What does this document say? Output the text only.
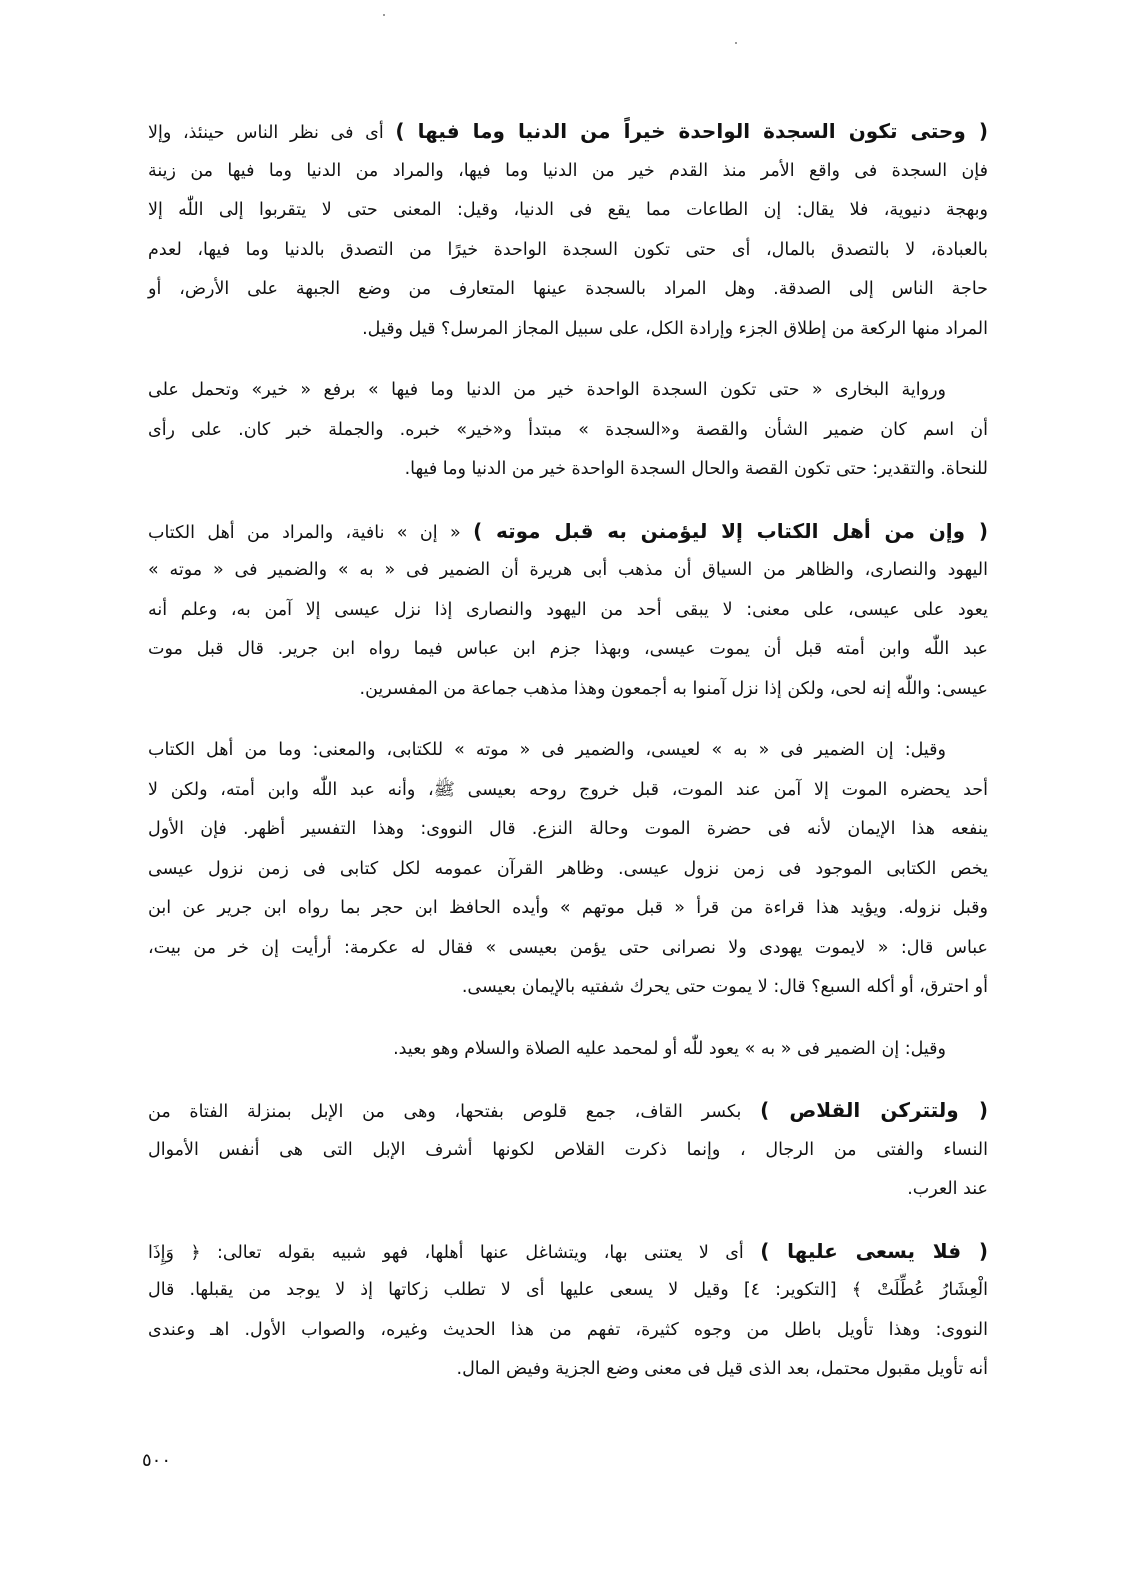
( وحتى تكون السجدة الواحدة خيراً من الدنيا وما فيها ) أى فى نظر الناس حينئذ، وإلا
فإن السجدة فى واقع الأمر منذ القدم خير من الدنيا وما فيها، والمراد من الدنيا وما فيها من زينة
وبهجة دنيوية، فلا يقال: إن الطاعات مما يقع فى الدنيا، وقيل: المعنى حتى لا يتقربوا إلى اللّٰه إلا
بالعبادة، لا بالتصدق بالمال، أى حتى تكون السجدة الواحدة خيرًا من التصدق بالدنيا وما فيها، لعدم
حاجة الناس إلى الصدقة. وهل المراد بالسجدة عينها المتعارف من وضع الجبهة على الأرض، أو
المراد منها الركعة من إطلاق الجزء وإرادة الكل، على سبيل المجاز المرسل؟ قيل وقيل.
ورواية البخارى « حتى تكون السجدة الواحدة خير من الدنيا وما فيها » برفع « خير» وتحمل على
أن اسم كان ضمير الشأن والقصة و«السجدة » مبتدأ و«خير» خبره. والجملة خبر كان. على رأى
للنحاة. والتقدير: حتى تكون القصة والحال السجدة الواحدة خير من الدنيا وما فيها.
( وإن من أهل الكتاب إلا ليؤمنن به قبل موته ) « إن » نافية، والمراد من أهل الكتاب
اليهود والنصارى، والظاهر من السياق أن مذهب أبى هريرة أن الضمير فى « به » والضمير فى « موته »
يعود على عيسى، على معنى: لا يبقى أحد من اليهود والنصارى إذا نزل عيسى إلا آمن به، وعلم أنه
عبد اللّٰه وابن أمته قبل أن يموت عيسى، وبهذا جزم ابن عباس فيما رواه ابن جرير. قال قبل موت
عيسى: واللّٰه إنه لحى، ولكن إذا نزل آمنوا به أجمعون وهذا مذهب جماعة من المفسرين.
وقيل: إن الضمير فى « به » لعيسى، والضمير فى « موته » للكتابى، والمعنى: وما من أهل الكتاب
أحد يحضره الموت إلا آمن عند الموت، قبل خروج روحه بعيسى ﷺ، وأنه عبد اللّٰه وابن أمته، ولكن لا
ينفعه هذا الإيمان لأنه فى حضرة الموت وحالة النزع. قال النووى: وهذا التفسير أظهر. فإن الأول
يخص الكتابى الموجود فى زمن نزول عيسى. وظاهر القرآن عمومه لكل كتابى فى زمن نزول عيسى
وقبل نزوله. ويؤيد هذا قراءة من قرأ « قبل موتهم » وأيده الحافظ ابن حجر بما رواه ابن جرير عن ابن
عباس قال: « لايموت يهودى ولا نصرانى حتى يؤمن بعيسى » فقال له عكرمة: أرأيت إن خر من بيت،
أو احترق، أو أكله السبع؟ قال: لا يموت حتى يحرك شفتيه بالإيمان بعيسى.
وقيل: إن الضمير فى « به » يعود للّٰه أو لمحمد عليه الصلاة والسلام وهو بعيد.
( ولتتركن القلاص ) بكسر القاف، جمع قلوص بفتحها، وهى من الإبل بمنزلة الفتاة من
النساء والفتى من الرجال ، وإنما ذكرت القلاص لكونها أشرف الإبل التى هى أنفس الأموال
عند العرب.
( فلا يسعى عليها ) أى لا يعتنى بها، ويتشاغل عنها أهلها، فهو شبيه بقوله تعالى: ﴿ وَإِذَا
الْعِشَارُ عُطِّلَتْ ﴾ [التكوير: ٤] وقيل لا يسعى عليها أى لا تطلب زكاتها إذ لا يوجد من يقبلها. قال
النووى: وهذا تأويل باطل من وجوه كثيرة، تفهم من هذا الحديث وغيره، والصواب الأول. اهـ وعندى
أنه تأويل مقبول محتمل، بعد الذى قيل فى معنى وضع الجزية وفيض المال.
٥٠٠
